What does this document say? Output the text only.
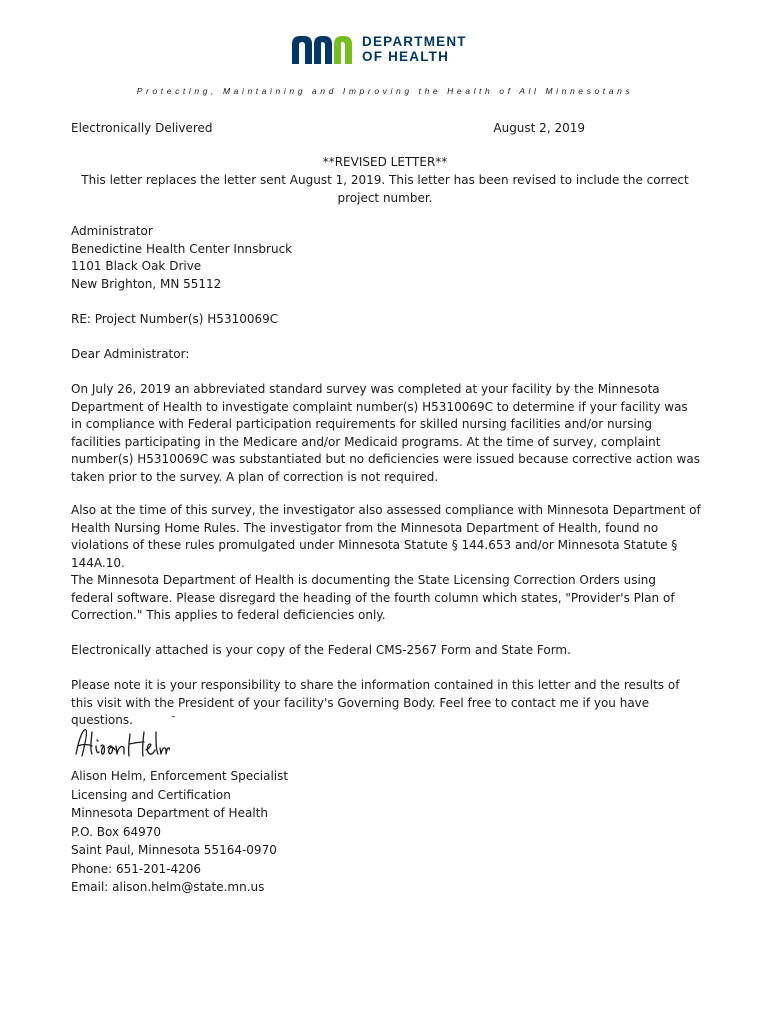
DEPARTMENT
OF HEALTH
Protecting, Maintaining and Improving the Health of All Minnesotans
Electronically Delivered	August 2, 2019
**REVISED LETTER**
This letter replaces the letter sent August 1, 2019. This letter has been revised to include the correct project number.

Administrator

Benedictine Health Center Innsbruck

1101 Black Oak Drive

New Brighton, MN 55112

RE: Project Number(s) H5310069C
Dear Administrator:
On July 26, 2019 an abbreviated standard survey was completed at your facility by the Minnesota Department of Health to investigate complaint number(s) H5310069C to determine if your facility was in compliance with Federal participation requirements for skilled nursing facilities and/or nursing facilities participating in the Medicare and/or Medicaid programs. At the time of survey, complaint number(s) H5310069C was substantiated but no deficiencies were issued because corrective action was taken prior to the survey. A plan of correction is not required.
Also at the time of this survey, the investigator also assessed compliance with Minnesota Department of Health Nursing Home Rules. The investigator from the Minnesota Department of Health, found no violations of these rules promulgated under Minnesota Statute § 144.653 and/or Minnesota Statute § 144A.10.
The Minnesota Department of Health is documenting the State Licensing Correction Orders using federal software. Please disregard the heading of the fourth column which states, "Provider's Plan of Correction." This applies to federal deficiencies only.
Electronically attached is your copy of the Federal CMS-2567 Form and State Form.
Please note it is your responsibility to share the information contained in this letter and the results of this visit with the President of your facility's Governing Body. Feel free to contact me if you have questions.

Alison Helm, Enforcement Specialist

Licensing and Certification

Minnesota Department of Health

P.O. Box 64970

Saint Paul, Minnesota 55164-0970

Phone: 651-201-4206

Email: alison.helm@state.mn.us
